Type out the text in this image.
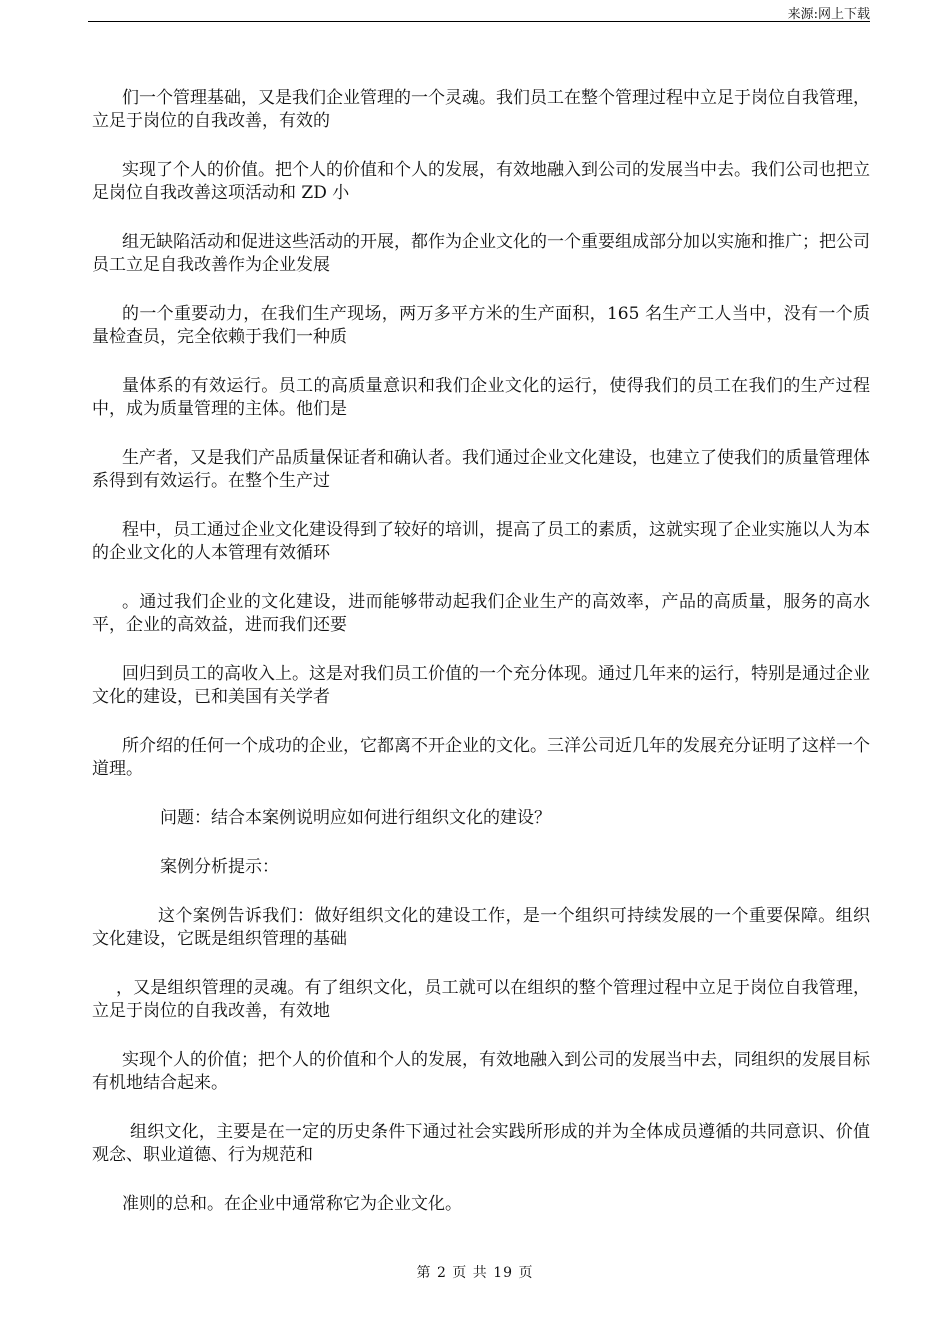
来源:网上下载

们一个管理基础，又是我们企业管理的一个灵魂。我们员工在整个管理过程中立足于岗位自我管理，立足于岗位的自我改善，有效的

实现了个人的价值。把个人的价值和个人的发展，有效地融入到公司的发展当中去。我们公司也把立足岗位自我改善这项活动和 ZD 小

组无缺陷活动和促进这些活动的开展，都作为企业文化的一个重要组成部分加以实施和推广；把公司员工立足自我改善作为企业发展

的一个重要动力，在我们生产现场，两万多平方米的生产面积，165 名生产工人当中，没有一个质量检查员，完全依赖于我们一种质

量体系的有效运行。员工的高质量意识和我们企业文化的运行，使得我们的员工在我们的生产过程中，成为质量管理的主体。他们是

生产者，又是我们产品质量保证者和确认者。我们通过企业文化建设，也建立了使我们的质量管理体系得到有效运行。在整个生产过

程中，员工通过企业文化建设得到了较好的培训，提高了员工的素质，这就实现了企业实施以人为本的企业文化的人本管理有效循环

。通过我们企业的文化建设，进而能够带动起我们企业生产的高效率，产品的高质量，服务的高水平，企业的高效益，进而我们还要

回归到员工的高收入上。这是对我们员工价值的一个充分体现。通过几年来的运行，特别是通过企业文化的建设，已和美国有关学者

所介绍的任何一个成功的企业，它都离不开企业的文化。三洋公司近几年的发展充分证明了这样一个道理。

问题：结合本案例说明应如何进行组织文化的建设？

案例分析提示：

这个案例告诉我们：做好组织文化的建设工作，是一个组织可持续发展的一个重要保障。组织文化建设，它既是组织管理的基础

，又是组织管理的灵魂。有了组织文化，员工就可以在组织的整个管理过程中立足于岗位自我管理，立足于岗位的自我改善，有效地

实现个人的价值；把个人的价值和个人的发展，有效地融入到公司的发展当中去，同组织的发展目标有机地结合起来。

组织文化，主要是在一定的历史条件下通过社会实践所形成的并为全体成员遵循的共同意识、价值观念、职业道德、行为规范和

准则的总和。在企业中通常称它为企业文化。

第 2 页 共 19 页
